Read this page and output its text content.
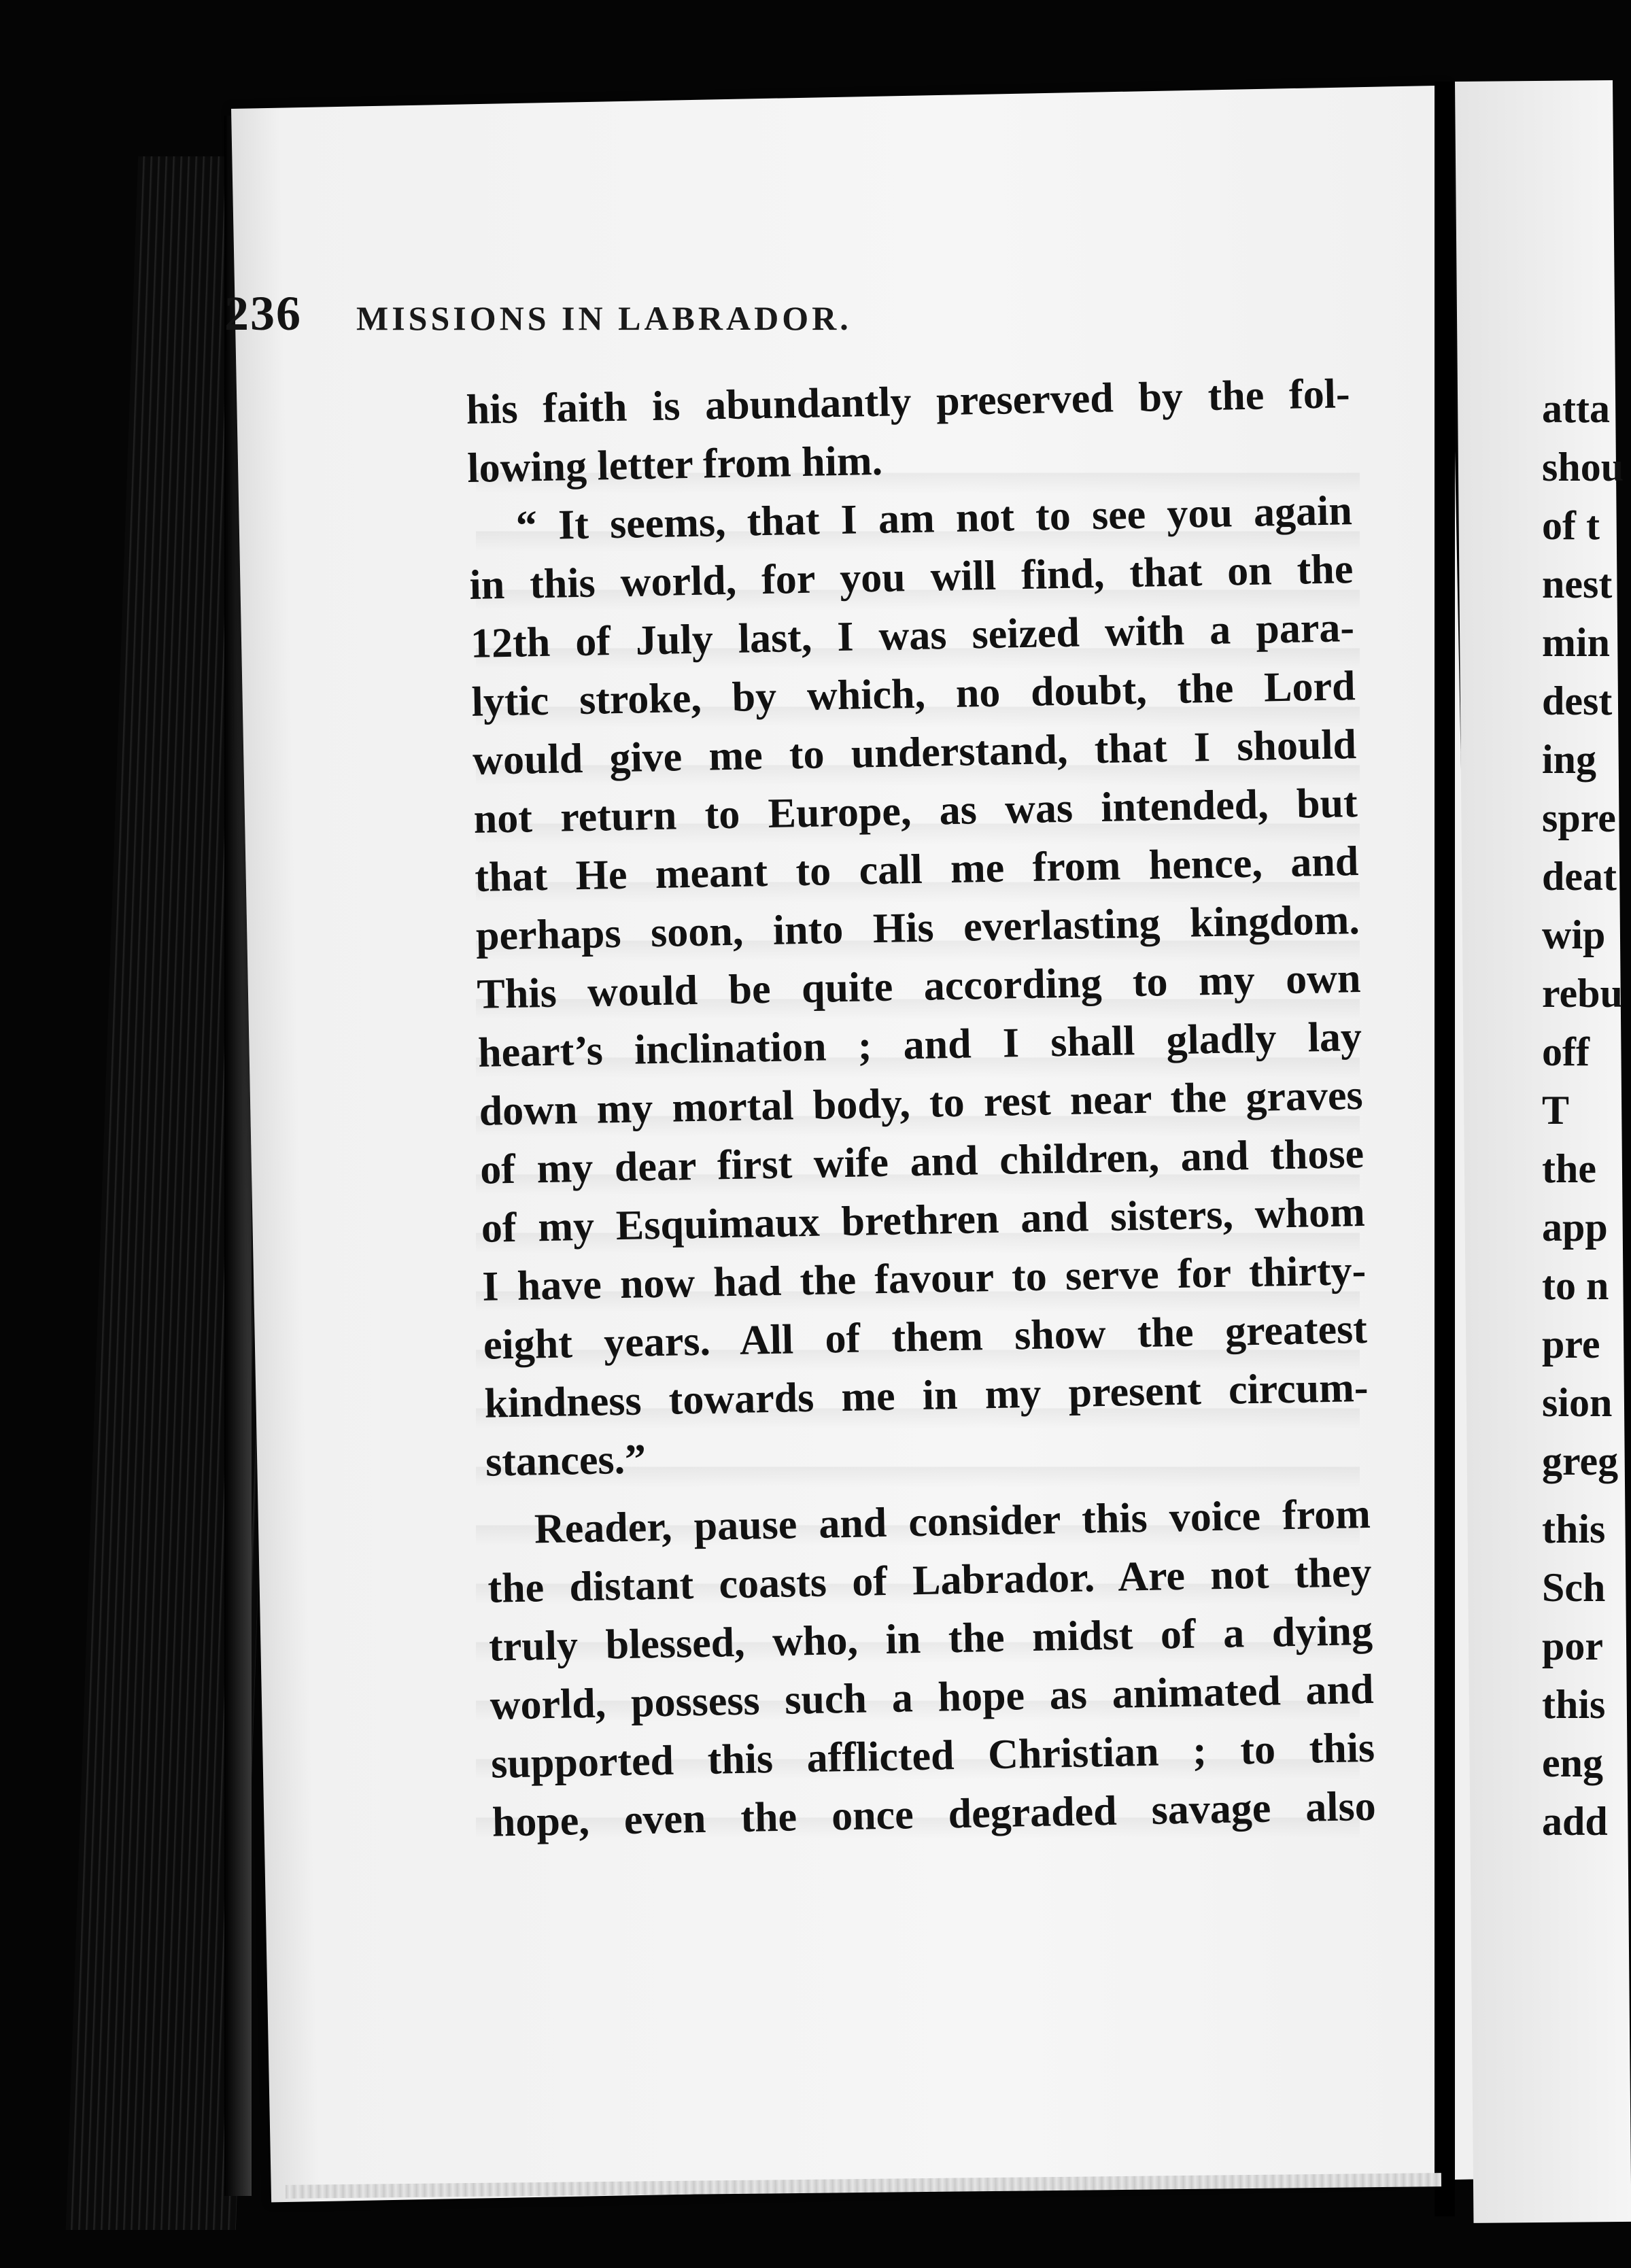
236 MISSIONS IN LABRADOR.
his faith is abundantly preserved by the fol-
lowing letter from him.
“ It seems, that I am not to see you again
in this world, for you will find, that on the
12th of July last, I was seized with a para-
lytic stroke, by which, no doubt, the Lord
would give me to understand, that I should
not return to Europe, as was intended, but
that He meant to call me from hence, and
perhaps soon, into His everlasting kingdom.
This would be quite according to my own
heart’s inclination ; and I shall gladly lay
down my mortal body, to rest near the graves
of my dear first wife and children, and those
of my Esquimaux brethren and sisters, whom
I have now had the favour to serve for thirty-
eight years. All of them show the greatest
kindness towards me in my present circum-
stances.”
Reader, pause and consider this voice from
the distant coasts of Labrador. Are not they
truly blessed, who, in the midst of a dying
world, possess such a hope as animated and
supported this afflicted Christian ; to this
hope, even the once degraded savage also
atta
shou
of t
nest
min
dest
ing
spre
deat
wip
rebu
off
T
the
app
to n
pre
sion
greg
this
Sch
por
this
eng
add
